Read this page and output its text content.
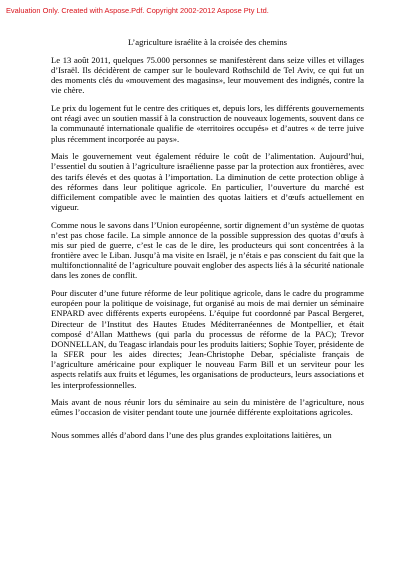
Evaluation Only. Created with Aspose.Pdf. Copyright 2002-2012 Aspose Pty Ltd.
L’agriculture israélite à la croisée des chemins

Le 13 août 2011, quelques 75.000 personnes se manifestèrent dans seize villes et villages d’Israël. Ils décidèrent de camper sur le boulevard Rothschild de Tel Aviv, ce qui fut un des moments clés du «mouvement des magasins», leur mouvement des indignés, contre la vie chère.

Le prix du logement fut le centre des critiques et, depuis lors, les différents gouvernements ont réagi avec un soutien massif à la construction de nouveaux logements, souvent dans ce la communauté internationale qualifie de «territoires occupés» et d’autres « de terre juive plus récemment incorporée au pays».

Mais le gouvernement veut également réduire le coût de l’alimentation. Aujourd’hui, l’essentiel du soutien à l’agriculture israélienne passe par la protection aux frontières, avec des tarifs élevés et des quotas à l’importation. La diminution de cette protection oblige à des réformes dans leur politique agricole. En particulier, l’ouverture du marché est difficilement compatible avec le maintien des quotas laitiers et d’œufs actuellement en vigueur.

Comme nous le savons dans l’Union européenne, sortir dignement d’un système de quotas n’est pas chose facile. La simple annonce de la possible suppression des quotas d’œufs à mis sur pied de guerre, c’est le cas de le dire, les producteurs qui sont concentrées à la frontière avec le Liban. Jusqu’à ma visite en Israël, je n’étais e pas conscient du fait que la multifonctionnalité de l’agriculture pouvait englober des aspects liés à la sécurité nationale dans les zones de conflit.

Pour discuter d’une future réforme de leur politique agricole, dans le cadre du programme européen pour la politique de voisinage, fut organisé au mois de mai dernier un séminaire ENPARD avec différents experts européens. L’équipe fut coordonné par Pascal Bergeret, Directeur de l’Institut des Hautes Etudes Méditerranéennes de Montpellier, et était composé d’Allan Matthews (qui parla du processus de réforme de la PAC); Trevor DONNELLAN, du Teagasc irlandais pour les produits laitiers; Sophie Toyer, présidente de la SFER pour les aides directes; Jean-Christophe Debar, spécialiste français de l’agriculture américaine pour expliquer le nouveau Farm Bill et un serviteur pour les aspects relatifs aux fruits et légumes, les organisations de producteurs, leurs associations et les interprofessionnelles.

Mais avant de nous réunir lors du séminaire au sein du ministère de l’agriculture, nous eûmes l’occasion de visiter pendant toute une journée différente exploitations agricoles.

Nous sommes allés d’abord dans l’une des plus grandes exploitations laitières, un
